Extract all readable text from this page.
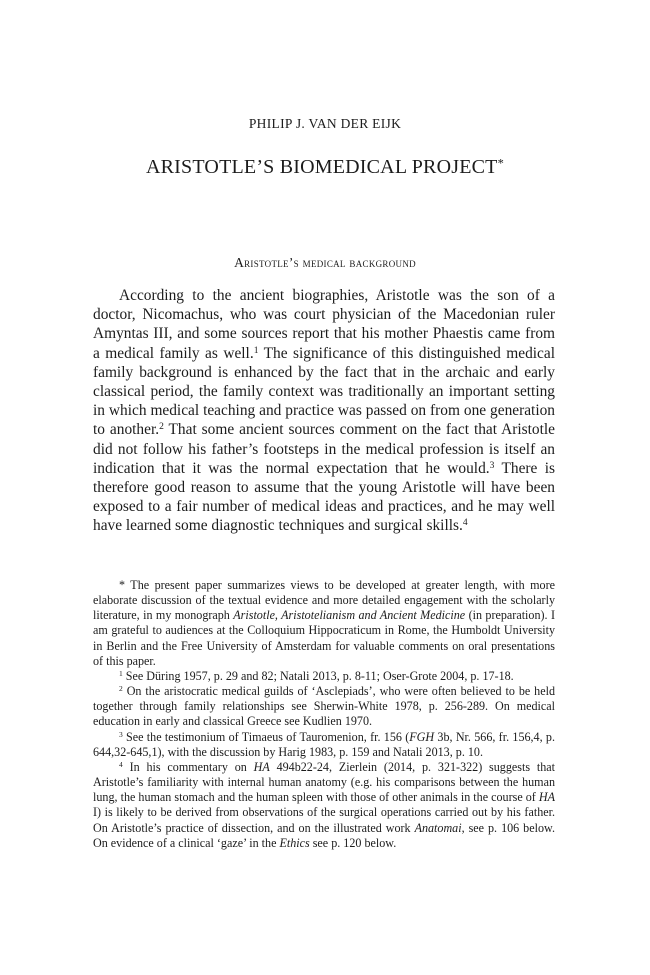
PHILIP J. VAN DER EIJK
ARISTOTLE’S BIOMEDICAL PROJECT*
Aristotle’s medical background

According to the ancient biographies, Aristotle was the son of a doctor, Nicomachus, who was court physician of the Macedonian ruler Amyntas III, and some sources report that his mother Phaestis came from a medical family as well.$^1$ The significance of this distinguished medical family background is enhanced by the fact that in the archaic and early classical period, the family context was traditionally an important setting in which medical teaching and practice was passed on from one generation to another.$^2$ That some ancient sources comment on the fact that Aristotle did not follow his father’s footsteps in the medical profession is itself an indication that it was the normal expectation that he would.$^3$ There is therefore good reason to assume that the young Aristotle will have been exposed to a fair number of medical ideas and practices, and he may well have learned some diagnostic techniques and surgical skills.$^4$

* The present paper summarizes views to be developed at greater length, with more elaborate discussion of the textual evidence and more detailed engagement with the scholarly literature, in my monograph Aristotle, Aristotelianism and Ancient Medicine (in preparation). I am grateful to audiences at the Colloquium Hippocraticum in Rome, the Humboldt University in Berlin and the Free University of Amsterdam for valuable comments on oral presentations of this paper.

$^1$ See Düring 1957, p. 29 and 82; Natali 2013, p. 8-11; Oser-Grote 2004, p. 17-18.

$^2$ On the aristocratic medical guilds of ‘Asclepiads’, who were often believed to be held together through family relationships see Sherwin-White 1978, p. 256-289. On medical education in early and classical Greece see Kudlien 1970.

$^3$ See the testimonium of Timaeus of Tauromenion, fr. 156 (FGH 3b, Nr. 566, fr. 156,4, p. 644,32-645,1), with the discussion by Harig 1983, p. 159 and Natali 2013, p. 10.

$^4$ In his commentary on HA 494b22-24, Zierlein (2014, p. 321-322) suggests that Aristotle’s familiarity with internal human anatomy (e.g. his comparisons between the human lung, the human stomach and the human spleen with those of other animals in the course of HA I) is likely to be derived from observations of the surgical operations carried out by his father. On Aristotle’s practice of dissection, and on the illustrated work Anatomai, see p. 106 below. On evidence of a clinical ‘gaze’ in the Ethics see p. 120 below.
